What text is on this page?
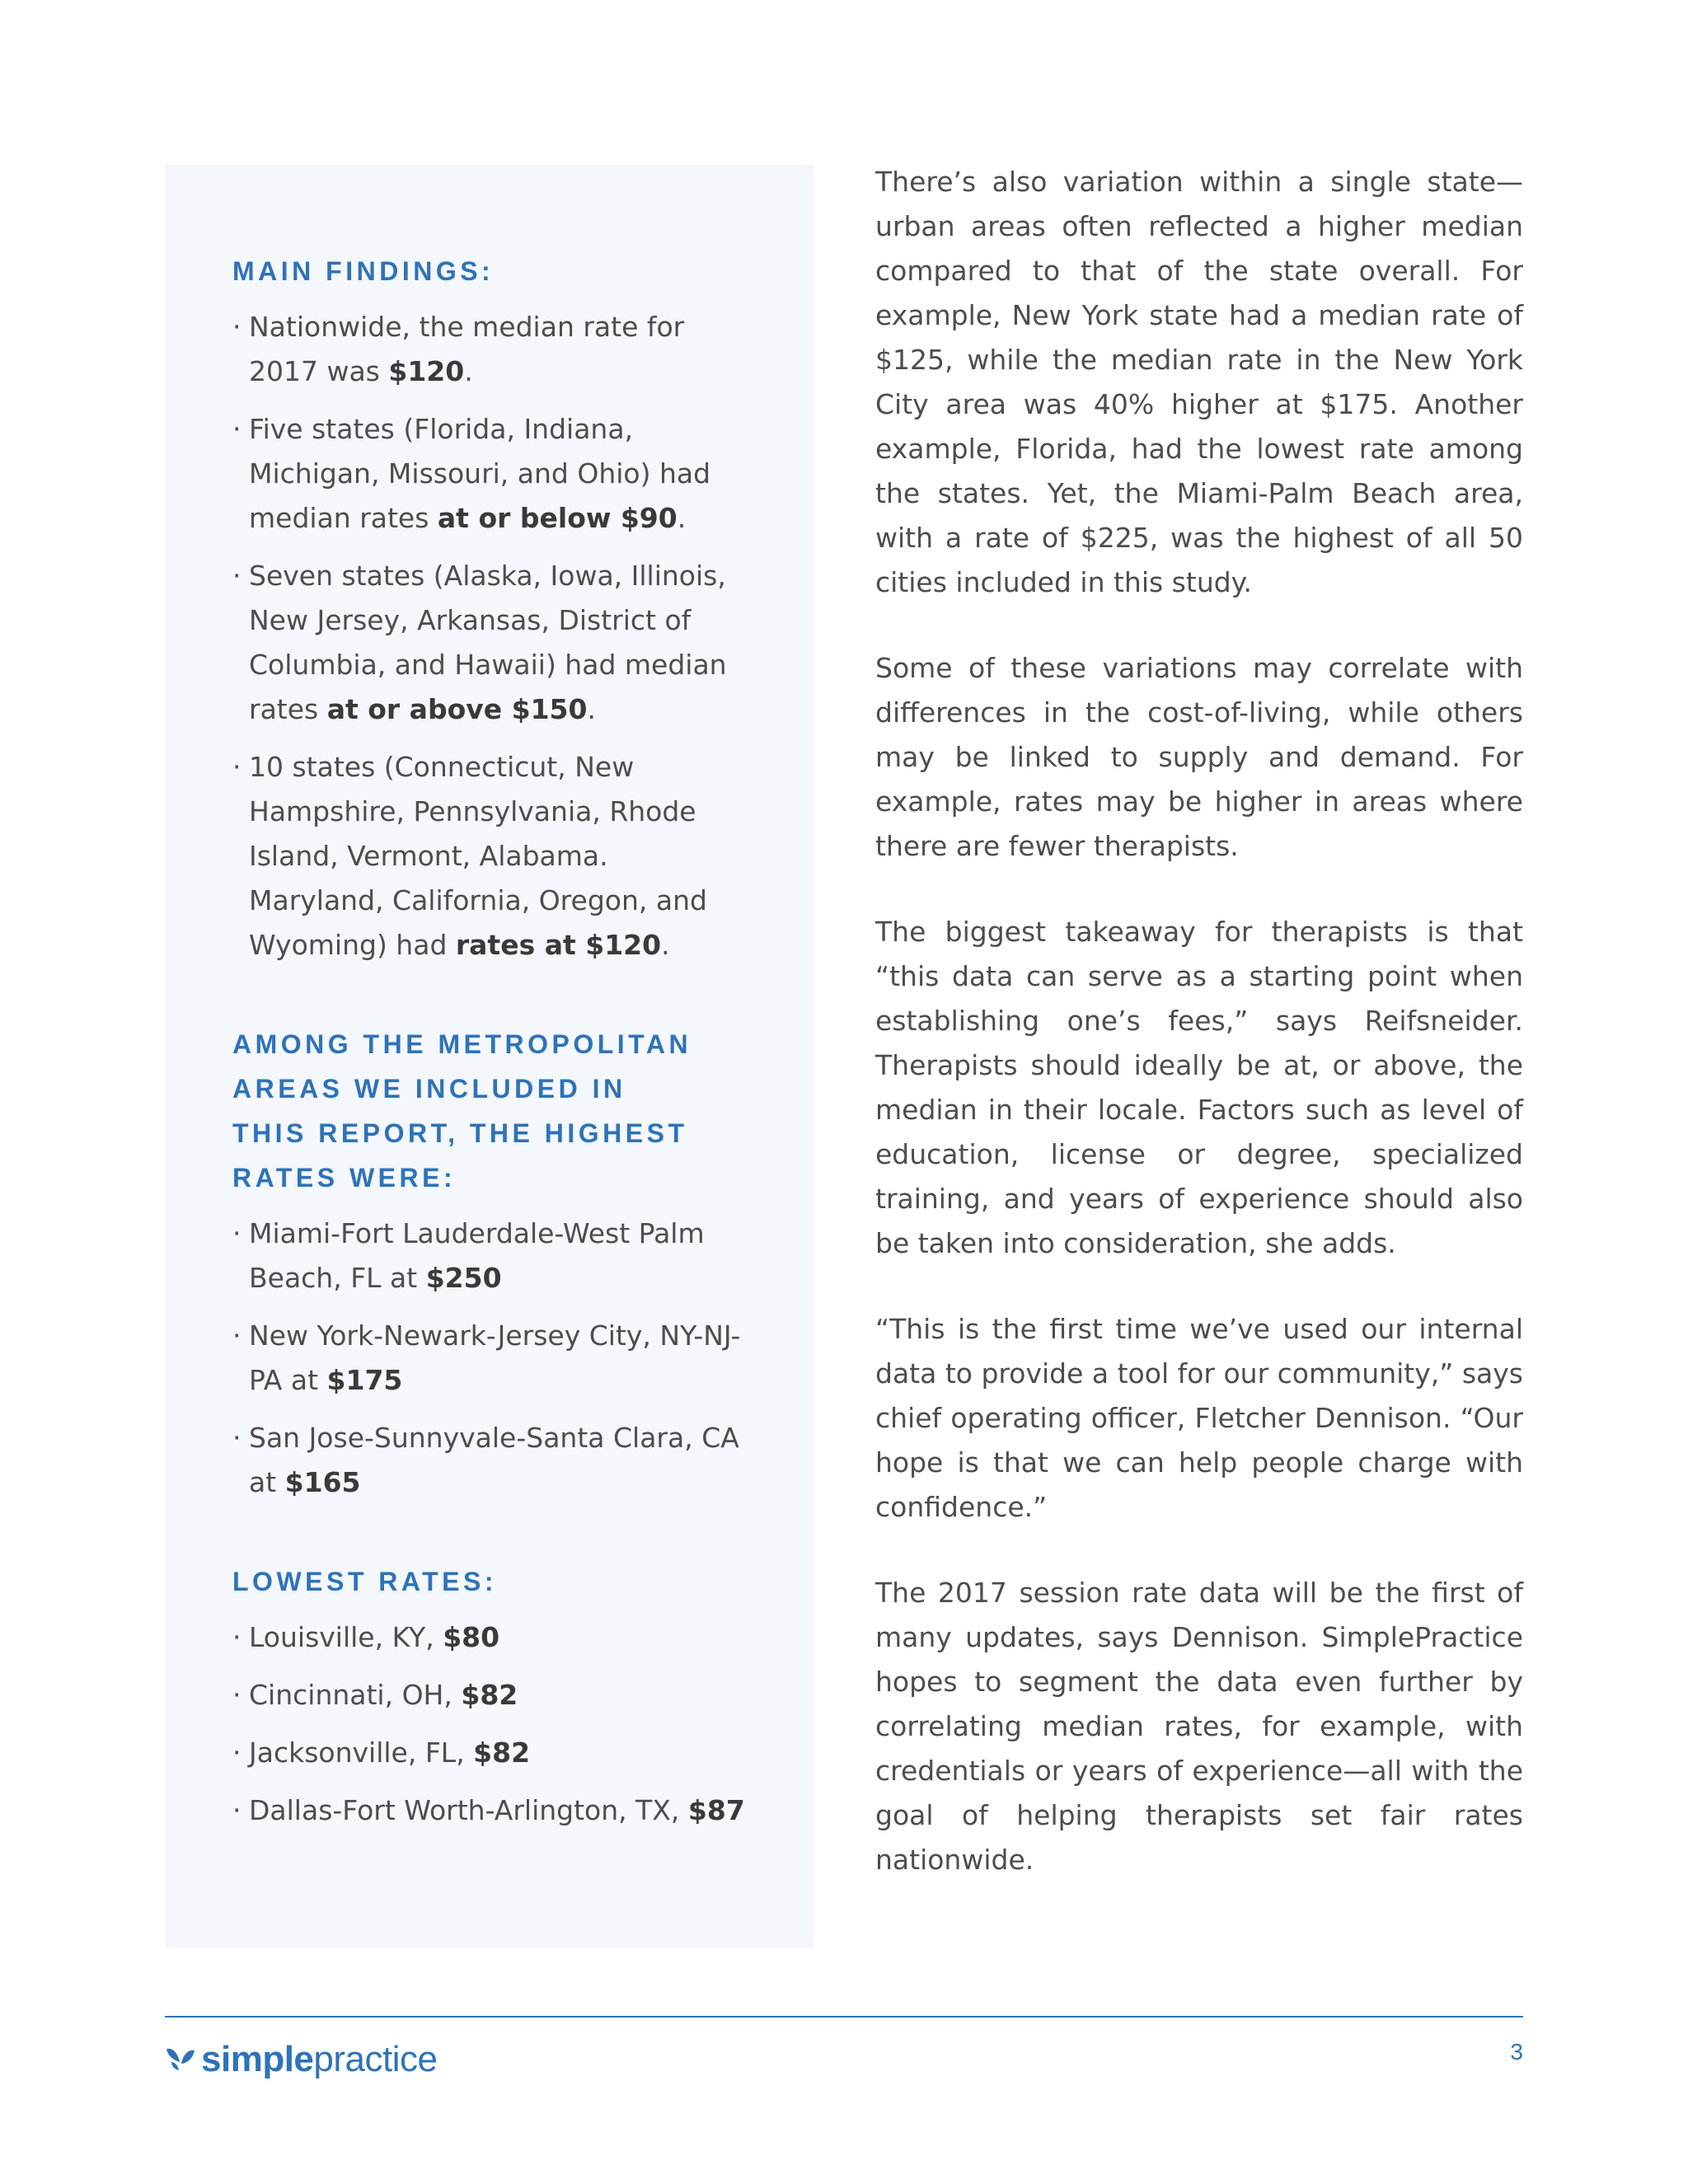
MAIN FINDINGS:
· Nationwide, the median rate for 2017 was $120.
· Five states (Florida, Indiana, Michigan, Missouri, and Ohio) had median rates at or below $90.
· Seven states (Alaska, Iowa, Illinois, New Jersey, Arkansas, District of Columbia, and Hawaii) had median rates at or above $150.
· 10 states (Connecticut, New Hampshire, Pennsylvania, Rhode Island, Vermont, Alabama. Maryland, California, Oregon, and Wyoming) had rates at $120.
AMONG THE METROPOLITAN AREAS WE INCLUDED IN THIS REPORT, THE HIGHEST RATES WERE:
· Miami-Fort Lauderdale-West Palm Beach, FL at $250
· New York-Newark-Jersey City, NY-NJ-PA at $175
· San Jose-Sunnyvale-Santa Clara, CA at $165
LOWEST RATES:
· Louisville, KY, $80
· Cincinnati, OH, $82
· Jacksonville, FL, $82
· Dallas-Fort Worth-Arlington, TX, $87

There’s also variation within a single state—urban areas often reflected a higher median compared to that of the state overall. For example, New York state had a median rate of $125, while the median rate in the New York City area was 40% higher at $175. Another example, Florida, had the lowest rate among the states. Yet, the Miami-Palm Beach area, with a rate of $225, was the highest of all 50 cities included in this study.

Some of these variations may correlate with differences in the cost-of-living, while others may be linked to supply and demand. For example, rates may be higher in areas where there are fewer therapists.

The biggest takeaway for therapists is that “this data can serve as a starting point when establishing one’s fees,” says Reifsneider. Therapists should ideally be at, or above, the median in their locale. Factors such as level of education, license or degree, specialized training, and years of experience should also be taken into consideration, she adds.

“This is the first time we’ve used our internal data to provide a tool for our community,” says chief operating officer, Fletcher Dennison. “Our hope is that we can help people charge with confidence.”

The 2017 session rate data will be the first of many updates, says Dennison. SimplePractice hopes to segment the data even further by correlating median rates, for example, with credentials or years of experience—all with the goal of helping therapists set fair rates nationwide.

simplepractice	3
